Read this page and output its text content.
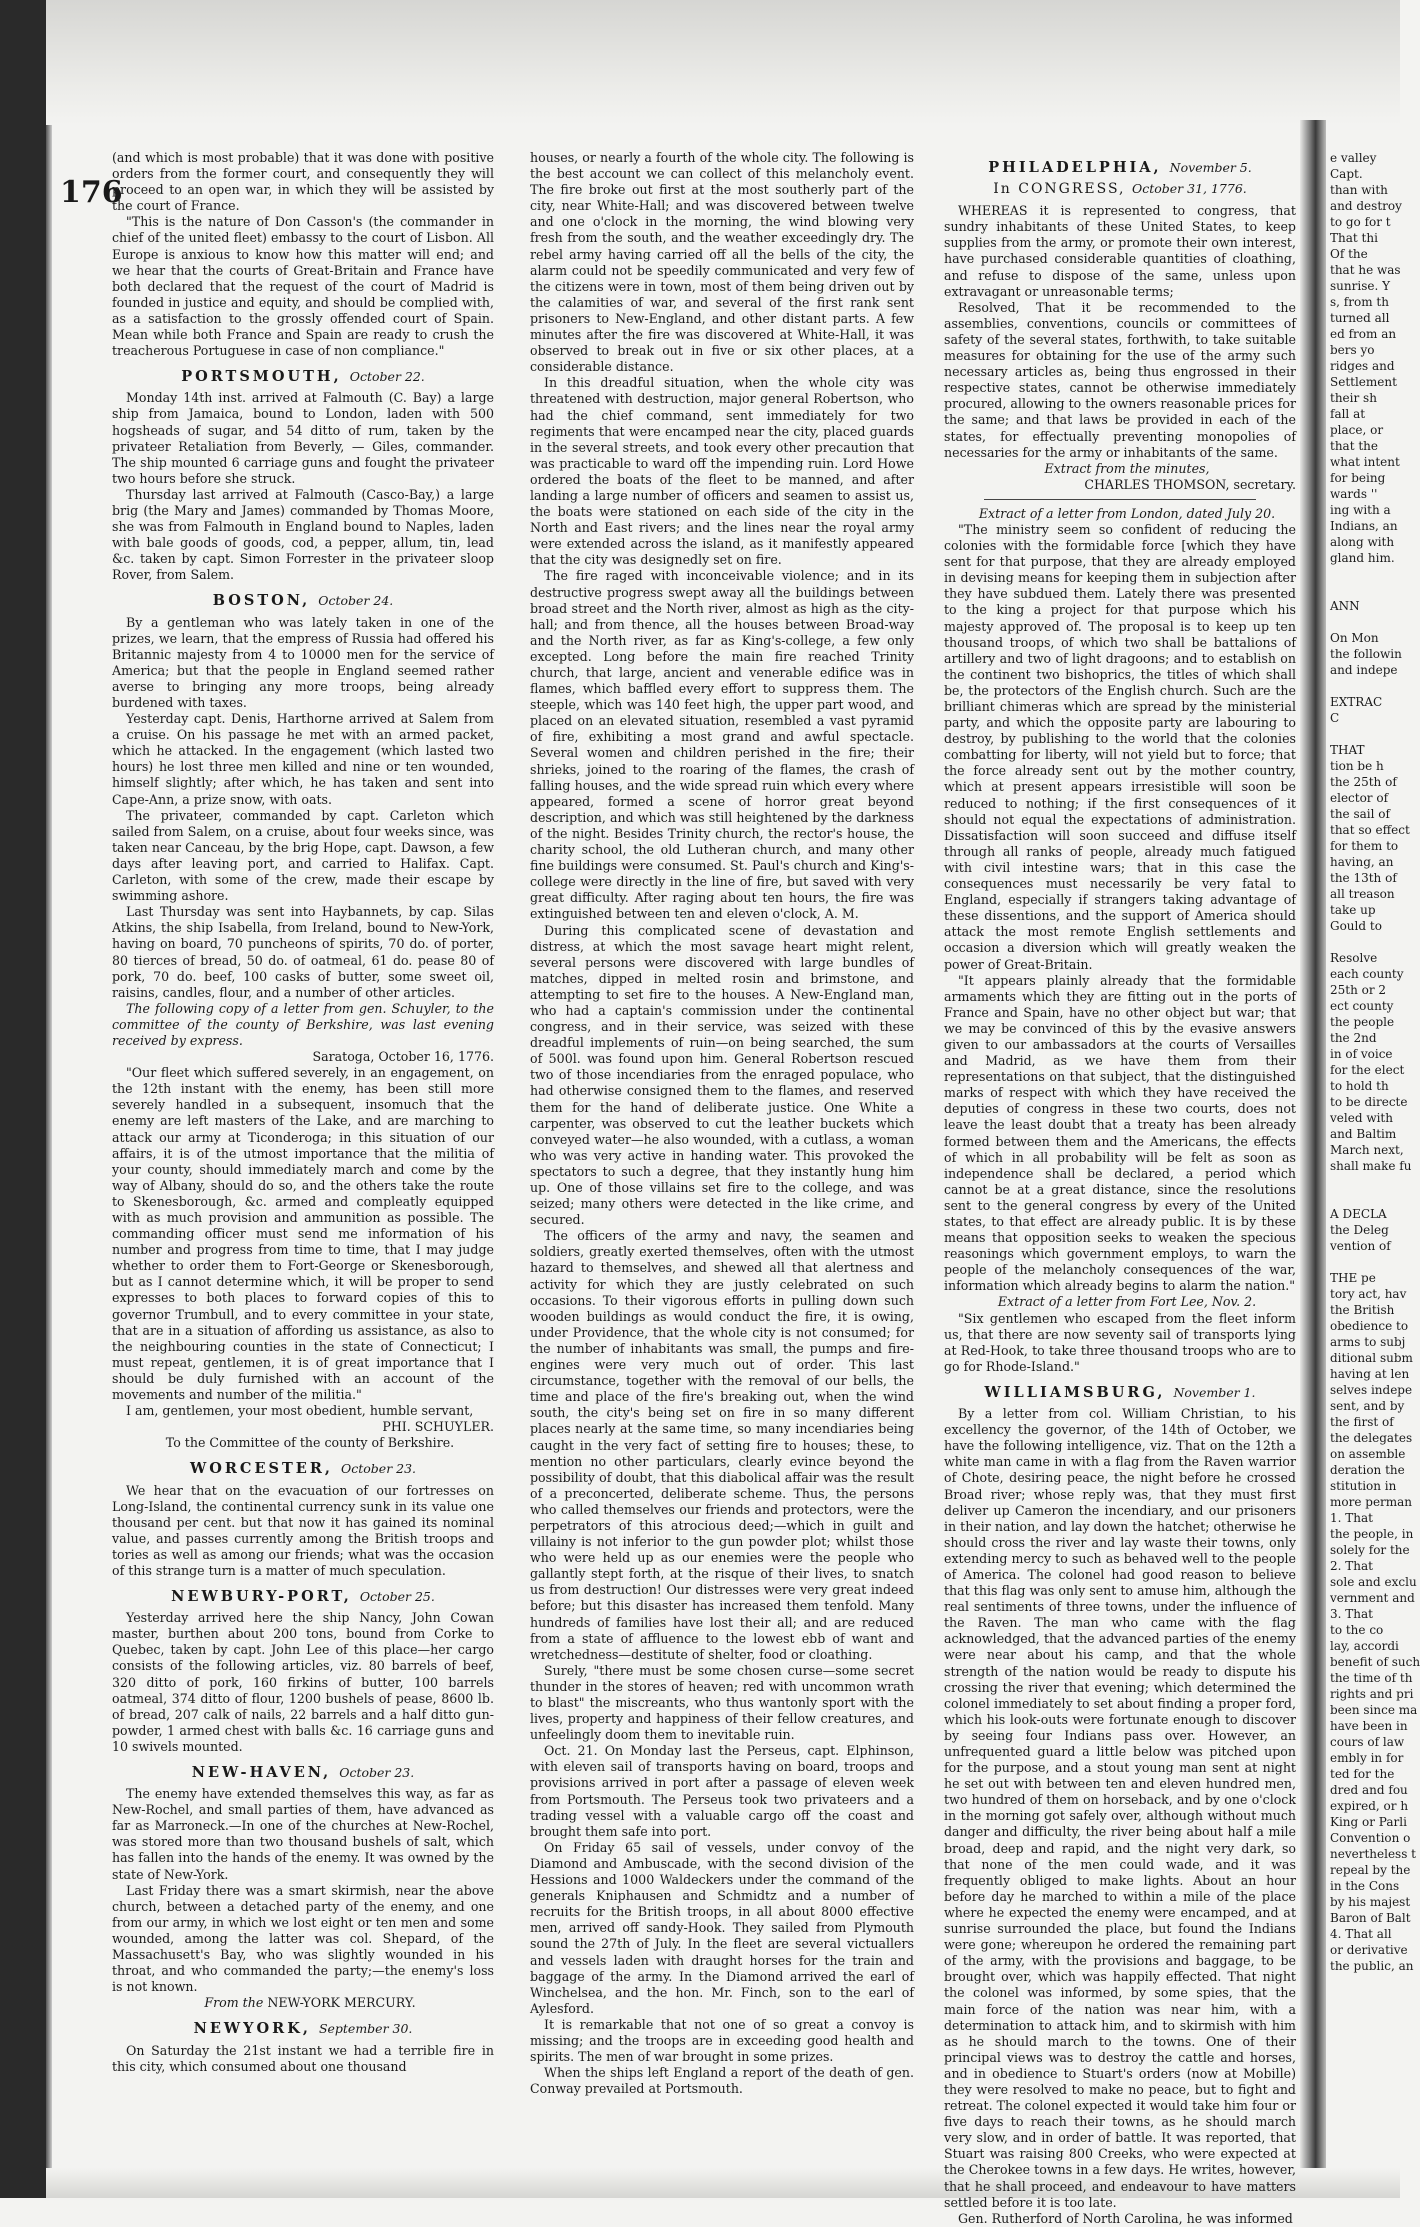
176

(and which is most probable) that it was done with positive orders from the former court, and consequently they will proceed to an open war, in which they will be assisted by the court of France.

"This is the nature of Don Casson's (the commander in chief of the united fleet) embassy to the court of Lisbon. All Europe is anxious to know how this matter will end; and we hear that the courts of Great-Britain and France have both declared that the request of the court of Madrid is founded in justice and equity, and should be complied with, as a satisfaction to the grossly offended court of Spain. Mean while both France and Spain are ready to crush the treacherous Portuguese in case of non compliance."

PORTSMOUTH, October 22.

Monday 14th inst. arrived at Falmouth (C. Bay) a large ship from Jamaica, bound to London, laden with 500 hogsheads of sugar, and 54 ditto of rum, taken by the privateer Retaliation from Beverly, — Giles, commander. The ship mounted 6 carriage guns and fought the privateer two hours before she struck.

Thursday last arrived at Falmouth (Casco-Bay,) a large brig (the Mary and James) commanded by Thomas Moore, she was from Falmouth in England bound to Naples, laden with bale goods of goods, cod, a pepper, allum, tin, lead &c. taken by capt. Simon Forrester in the privateer sloop Rover, from Salem.

BOSTON, October 24.

By a gentleman who was lately taken in one of the prizes, we learn, that the empress of Russia had offered his Britannic majesty from 4 to 10000 men for the service of America; but that the people in England seemed rather averse to bringing any more troops, being already burdened with taxes.

Yesterday capt. Denis, Harthorne arrived at Salem from a cruise. On his passage he met with an armed packet, which he attacked. In the engagement (which lasted two hours) he lost three men killed and nine or ten wounded, himself slightly; after which, he has taken and sent into Cape-Ann, a prize snow, with oats.

The privateer, commanded by capt. Carleton which sailed from Salem, on a cruise, about four weeks since, was taken near Canceau, by the brig Hope, capt. Dawson, a few days after leaving port, and carried to Halifax. Capt. Carleton, with some of the crew, made their escape by swimming ashore.

Last Thursday was sent into Haybannets, by cap. Silas Atkins, the ship Isabella, from Ireland, bound to New-York, having on board, 70 puncheons of spirits, 70 do. of porter, 80 tierces of bread, 50 do. of oatmeal, 61 do. pease 80 of pork, 70 do. beef, 100 casks of butter, some sweet oil, raisins, candles, flour, and a number of other articles.

The following copy of a letter from gen. Schuyler, to the committee of the county of Berkshire, was last evening received by express.

Saratoga, October 16, 1776.

"Our fleet which suffered severely, in an engagement, on the 12th instant with the enemy, has been still more severely handled in a subsequent, insomuch that the enemy are left masters of the Lake, and are marching to attack our army at Ticonderoga; in this situation of our affairs, it is of the utmost importance that the militia of your county, should immediately march and come by the way of Albany, should do so, and the others take the route to Skenesborough, &c. armed and compleatly equipped with as much provision and ammunition as possible. The commanding officer must send me information of his number and progress from time to time, that I may judge whether to order them to Fort-George or Skenesborough, but as I cannot determine which, it will be proper to send expresses to both places to forward copies of this to governor Trumbull, and to every committee in your state, that are in a situation of affording us assistance, as also to the neighbouring counties in the state of Connecticut; I must repeat, gentlemen, it is of great importance that I should be duly furnished with an account of the movements and number of the militia."

I am, gentlemen, your most obedient, humble servant,

PHI. SCHUYLER.

To the Committee of the county of Berkshire.

WORCESTER, October 23.

We hear that on the evacuation of our fortresses on Long-Island, the continental currency sunk in its value one thousand per cent. but that now it has gained its nominal value, and passes currently among the British troops and tories as well as among our friends; what was the occasion of this strange turn is a matter of much speculation.

NEWBURY-PORT, October 25.

Yesterday arrived here the ship Nancy, John Cowan master, burthen about 200 tons, bound from Corke to Quebec, taken by capt. John Lee of this place—her cargo consists of the following articles, viz. 80 barrels of beef, 320 ditto of pork, 160 firkins of butter, 100 barrels oatmeal, 374 ditto of flour, 1200 bushels of pease, 8600 lb. of bread, 207 calk of nails, 22 barrels and a half ditto gun-powder, 1 armed chest with balls &c. 16 carriage guns and 10 swivels mounted.

NEW-HAVEN, October 23.

The enemy have extended themselves this way, as far as New-Rochel, and small parties of them, have advanced as far as Marroneck.—In one of the churches at New-Rochel, was stored more than two thousand bushels of salt, which has fallen into the hands of the enemy. It was owned by the state of New-York.

Last Friday there was a smart skirmish, near the above church, between a detached party of the enemy, and one from our army, in which we lost eight or ten men and some wounded, among the latter was col. Shepard, of the Massachusett's Bay, who was slightly wounded in his throat, and who commanded the party;—the enemy's loss is not known.

From the NEW-YORK MERCURY.

NEWYORK, September 30.

On Saturday the 21st instant we had a terrible fire in this city, which consumed about one thousand

houses, or nearly a fourth of the whole city. The following is the best account we can collect of this melancholy event. The fire broke out first at the most southerly part of the city, near White-Hall; and was discovered between twelve and one o'clock in the morning, the wind blowing very fresh from the south, and the weather exceedingly dry. The rebel army having carried off all the bells of the city, the alarm could not be speedily communicated and very few of the citizens were in town, most of them being driven out by the calamities of war, and several of the first rank sent prisoners to New-England, and other distant parts. A few minutes after the fire was discovered at White-Hall, it was observed to break out in five or six other places, at a considerable distance.

In this dreadful situation, when the whole city was threatened with destruction, major general Robertson, who had the chief command, sent immediately for two regiments that were encamped near the city, placed guards in the several streets, and took every other precaution that was practicable to ward off the impending ruin. Lord Howe ordered the boats of the fleet to be manned, and after landing a large number of officers and seamen to assist us, the boats were stationed on each side of the city in the North and East rivers; and the lines near the royal army were extended across the island, as it manifestly appeared that the city was designedly set on fire.

The fire raged with inconceivable violence; and in its destructive progress swept away all the buildings between broad street and the North river, almost as high as the city-hall; and from thence, all the houses between Broad-way and the North river, as far as King's-college, a few only excepted. Long before the main fire reached Trinity church, that large, ancient and venerable edifice was in flames, which baffled every effort to suppress them. The steeple, which was 140 feet high, the upper part wood, and placed on an elevated situation, resembled a vast pyramid of fire, exhibiting a most grand and awful spectacle. Several women and children perished in the fire; their shrieks, joined to the roaring of the flames, the crash of falling houses, and the wide spread ruin which every where appeared, formed a scene of horror great beyond description, and which was still heightened by the darkness of the night. Besides Trinity church, the rector's house, the charity school, the old Lutheran church, and many other fine buildings were consumed. St. Paul's church and King's-college were directly in the line of fire, but saved with very great difficulty. After raging about ten hours, the fire was extinguished between ten and eleven o'clock, A. M.

During this complicated scene of devastation and distress, at which the most savage heart might relent, several persons were discovered with large bundles of matches, dipped in melted rosin and brimstone, and attempting to set fire to the houses. A New-England man, who had a captain's commission under the continental congress, and in their service, was seized with these dreadful implements of ruin—on being searched, the sum of 500l. was found upon him. General Robertson rescued two of those incendiaries from the enraged populace, who had otherwise consigned them to the flames, and reserved them for the hand of deliberate justice. One White a carpenter, was observed to cut the leather buckets which conveyed water—he also wounded, with a cutlass, a woman who was very active in handing water. This provoked the spectators to such a degree, that they instantly hung him up. One of those villains set fire to the college, and was seized; many others were detected in the like crime, and secured.

The officers of the army and navy, the seamen and soldiers, greatly exerted themselves, often with the utmost hazard to themselves, and shewed all that alertness and activity for which they are justly celebrated on such occasions. To their vigorous efforts in pulling down such wooden buildings as would conduct the fire, it is owing, under Providence, that the whole city is not consumed; for the number of inhabitants was small, the pumps and fire-engines were very much out of order. This last circumstance, together with the removal of our bells, the time and place of the fire's breaking out, when the wind south, the city's being set on fire in so many different places nearly at the same time, so many incendiaries being caught in the very fact of setting fire to houses; these, to mention no other particulars, clearly evince beyond the possibility of doubt, that this diabolical affair was the result of a preconcerted, deliberate scheme. Thus, the persons who called themselves our friends and protectors, were the perpetrators of this atrocious deed;—which in guilt and villainy is not inferior to the gun powder plot; whilst those who were held up as our enemies were the people who gallantly stept forth, at the risque of their lives, to snatch us from destruction! Our distresses were very great indeed before; but this disaster has increased them tenfold. Many hundreds of families have lost their all; and are reduced from a state of affluence to the lowest ebb of want and wretchedness—destitute of shelter, food or cloathing.

Surely, "there must be some chosen curse—some secret thunder in the stores of heaven; red with uncommon wrath to blast" the miscreants, who thus wantonly sport with the lives, property and happiness of their fellow creatures, and unfeelingly doom them to inevitable ruin.

Oct. 21. On Monday last the Perseus, capt. Elphinson, with eleven sail of transports having on board, troops and provisions arrived in port after a passage of eleven week from Portsmouth. The Perseus took two privateers and a trading vessel with a valuable cargo off the coast and brought them safe into port.

On Friday 65 sail of vessels, under convoy of the Diamond and Ambuscade, with the second division of the Hessions and 1000 Waldeckers under the command of the generals Kniphausen and Schmidtz and a number of recruits for the British troops, in all about 8000 effective men, arrived off sandy-Hook. They sailed from Plymouth sound the 27th of July. In the fleet are several victuallers and vessels laden with draught horses for the train and baggage of the army. In the Diamond arrived the earl of Winchelsea, and the hon. Mr. Finch, son to the earl of Aylesford.

It is remarkable that not one of so great a convoy is missing; and the troops are in exceeding good health and spirits. The men of war brought in some prizes.

When the ships left England a report of the death of gen. Conway prevailed at Portsmouth.

PHILADELPHIA, November 5.
In CONGRESS, October 31, 1776.

WHEREAS it is represented to congress, that sundry inhabitants of these United States, to keep supplies from the army, or promote their own interest, have purchased considerable quantities of cloathing, and refuse to dispose of the same, unless upon extravagant or unreasonable terms;

Resolved, That it be recommended to the assemblies, conventions, councils or committees of safety of the several states, forthwith, to take suitable measures for obtaining for the use of the army such necessary articles as, being thus engrossed in their respective states, cannot be otherwise immediately procured, allowing to the owners reasonable prices for the same; and that laws be provided in each of the states, for effectually preventing monopolies of necessaries for the army or inhabitants of the same.

Extract from the minutes,

CHARLES THOMSON, secretary.

Extract of a letter from London, dated July 20.

"The ministry seem so confident of reducing the colonies with the formidable force [which they have sent for that purpose, that they are already employed in devising means for keeping them in subjection after they have subdued them. Lately there was presented to the king a project for that purpose which his majesty approved of. The proposal is to keep up ten thousand troops, of which two shall be battalions of artillery and two of light dragoons; and to establish on the continent two bishoprics, the titles of which shall be, the protectors of the English church. Such are the brilliant chimeras which are spread by the ministerial party, and which the opposite party are labouring to destroy, by publishing to the world that the colonies combatting for liberty, will not yield but to force; that the force already sent out by the mother country, which at present appears irresistible will soon be reduced to nothing; if the first consequences of it should not equal the expectations of administration. Dissatisfaction will soon succeed and diffuse itself through all ranks of people, already much fatigued with civil intestine wars; that in this case the consequences must necessarily be very fatal to England, especially if strangers taking advantage of these dissentions, and the support of America should attack the most remote English settlements and occasion a diversion which will greatly weaken the power of Great-Britain.

"It appears plainly already that the formidable armaments which they are fitting out in the ports of France and Spain, have no other object but war; that we may be convinced of this by the evasive answers given to our ambassadors at the courts of Versailles and Madrid, as we have them from their representations on that subject, that the distinguished marks of respect with which they have received the deputies of congress in these two courts, does not leave the least doubt that a treaty has been already formed between them and the Americans, the effects of which in all probability will be felt as soon as independence shall be declared, a period which cannot be at a great distance, since the resolutions sent to the general congress by every of the United states, to that effect are already public. It is by these means that opposition seeks to weaken the specious reasonings which government employs, to warn the people of the melancholy consequences of the war, information which already begins to alarm the nation."

Extract of a letter from Fort Lee, Nov. 2.

"Six gentlemen who escaped from the fleet inform us, that there are now seventy sail of transports lying at Red-Hook, to take three thousand troops who are to go for Rhode-Island."

WILLIAMSBURG, November 1.

By a letter from col. William Christian, to his excellency the governor, of the 14th of October, we have the following intelligence, viz. That on the 12th a white man came in with a flag from the Raven warrior of Chote, desiring peace, the night before he crossed Broad river; whose reply was, that they must first deliver up Cameron the incendiary, and our prisoners in their nation, and lay down the hatchet; otherwise he should cross the river and lay waste their towns, only extending mercy to such as behaved well to the people of America. The colonel had good reason to believe that this flag was only sent to amuse him, although the real sentiments of three towns, under the influence of the Raven. The man who came with the flag acknowledged, that the advanced parties of the enemy were near about his camp, and that the whole strength of the nation would be ready to dispute his crossing the river that evening; which determined the colonel immediately to set about finding a proper ford, which his look-outs were fortunate enough to discover by seeing four Indians pass over. However, an unfrequented guard a little below was pitched upon for the purpose, and a stout young man sent at night he set out with between ten and eleven hundred men, two hundred of them on horseback, and by one o'clock in the morning got safely over, although without much danger and difficulty, the river being about half a mile broad, deep and rapid, and the night very dark, so that none of the men could wade, and it was frequently obliged to make lights. About an hour before day he marched to within a mile of the place where he expected the enemy were encamped, and at sunrise surrounded the place, but found the Indians were gone; whereupon he ordered the remaining part of the army, with the provisions and baggage, to be brought over, which was happily effected. That night the colonel was informed, by some spies, that the main force of the nation was near him, with a determination to attack him, and to skirmish with him as he should march to the towns. One of their principal views was to destroy the cattle and horses, and in obedience to Stuart's orders (now at Mobille) they were resolved to make no peace, but to fight and retreat. The colonel expected it would take him four or five days to reach their towns, as he should march very slow, and in order of battle. It was reported, that Stuart was raising 800 Creeks, who were expected at the Cherokee towns in a few days. He writes, however, that he shall proceed, and endeavour to have matters settled before it is too late.

Gen. Rutherford of North Carolina, he was informed

e valley

Capt.

than with

and destroy

to go for t

That thi

Of the

that he was

sunrise. Y

s, from th

turned all

ed from an

bers yo

ridges and

Settlement

their sh

fall at

place, or

that the

what intent

for being

wards ''

ing with a

Indians, an

along with

gland him.

ANN

On Mon

the followin

and indepe

EXTRAC

C

THAT

tion be h

the 25th of

elector of

the sail of

that so effect

for them to

having, an

the 13th of

all treason

take up

Gould to

Resolve

each county

25th or 2

ect county

the people

the 2nd

in of voice

for the elect

to hold th

to be directe

veled with

and Baltim

March next,

shall make fu

A DECLA

the Deleg

vention of

THE pe

tory act, hav

the British

obedience to

arms to subj

ditional subm

having at len

selves indepe

sent, and by

the first of

the delegates

on assemble

deration the

stitution in

more perman

1. That

the people, in

solely for the

2. That

sole and exclu

vernment and

3. That

to the co

lay, accordi

benefit of such

the time of th

rights and pri

been since ma

have been in

cours of law

embly in for

ted for the

dred and fou

expired, or h

King or Parli

Convention o

nevertheless t

repeal by the

in the Cons

by his majest

Baron of Balt

4. That all

or derivative

the public, an
